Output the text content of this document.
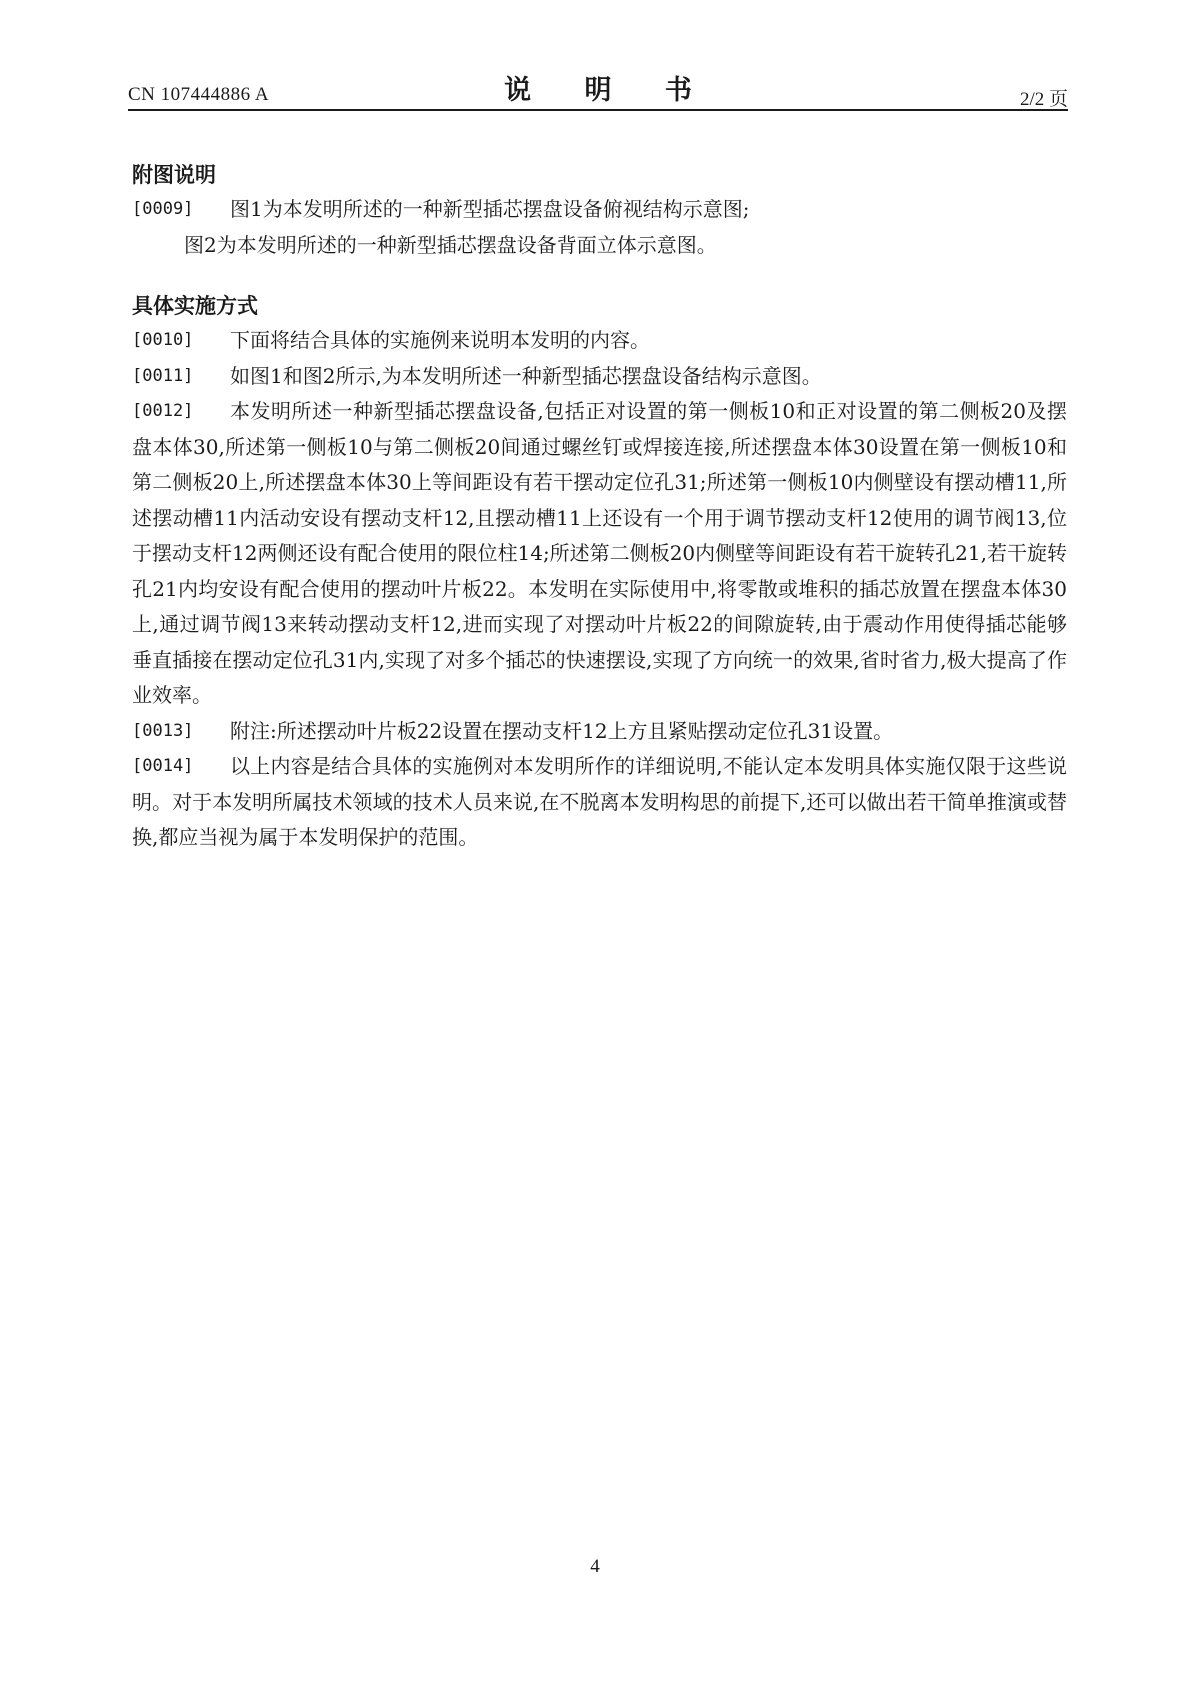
CN 107444886 A	说 明 书	2/2 页
附图说明

[0009] 图1为本发明所述的一种新型插芯摆盘设备俯视结构示意图;

图2为本发明所述的一种新型插芯摆盘设备背面立体示意图。

具体实施方式

[0010] 下面将结合具体的实施例来说明本发明的内容。

[0011] 如图1和图2所示,为本发明所述一种新型插芯摆盘设备结构示意图。

[0012] 本发明所述一种新型插芯摆盘设备,包括正对设置的第一侧板10和正对设置的第二侧板20及摆盘本体30,所述第一侧板10与第二侧板20间通过螺丝钉或焊接连接,所述摆盘本体30设置在第一侧板10和第二侧板20上,所述摆盘本体30上等间距设有若干摆动定位孔31;所述第一侧板10内侧壁设有摆动槽11,所述摆动槽11内活动安设有摆动支杆12,且摆动槽11上还设有一个用于调节摆动支杆12使用的调节阀13,位于摆动支杆12两侧还设有配合使用的限位柱14;所述第二侧板20内侧壁等间距设有若干旋转孔21,若干旋转孔21内均安设有配合使用的摆动叶片板22。本发明在实际使用中,将零散或堆积的插芯放置在摆盘本体30上,通过调节阀13来转动摆动支杆12,进而实现了对摆动叶片板22的间隙旋转,由于震动作用使得插芯能够垂直插接在摆动定位孔31内,实现了对多个插芯的快速摆设,实现了方向统一的效果,省时省力,极大提高了作业效率。

[0013] 附注:所述摆动叶片板22设置在摆动支杆12上方且紧贴摆动定位孔31设置。

[0014] 以上内容是结合具体的实施例对本发明所作的详细说明,不能认定本发明具体实施仅限于这些说明。对于本发明所属技术领域的技术人员来说,在不脱离本发明构思的前提下,还可以做出若干简单推演或替换,都应当视为属于本发明保护的范围。

4
